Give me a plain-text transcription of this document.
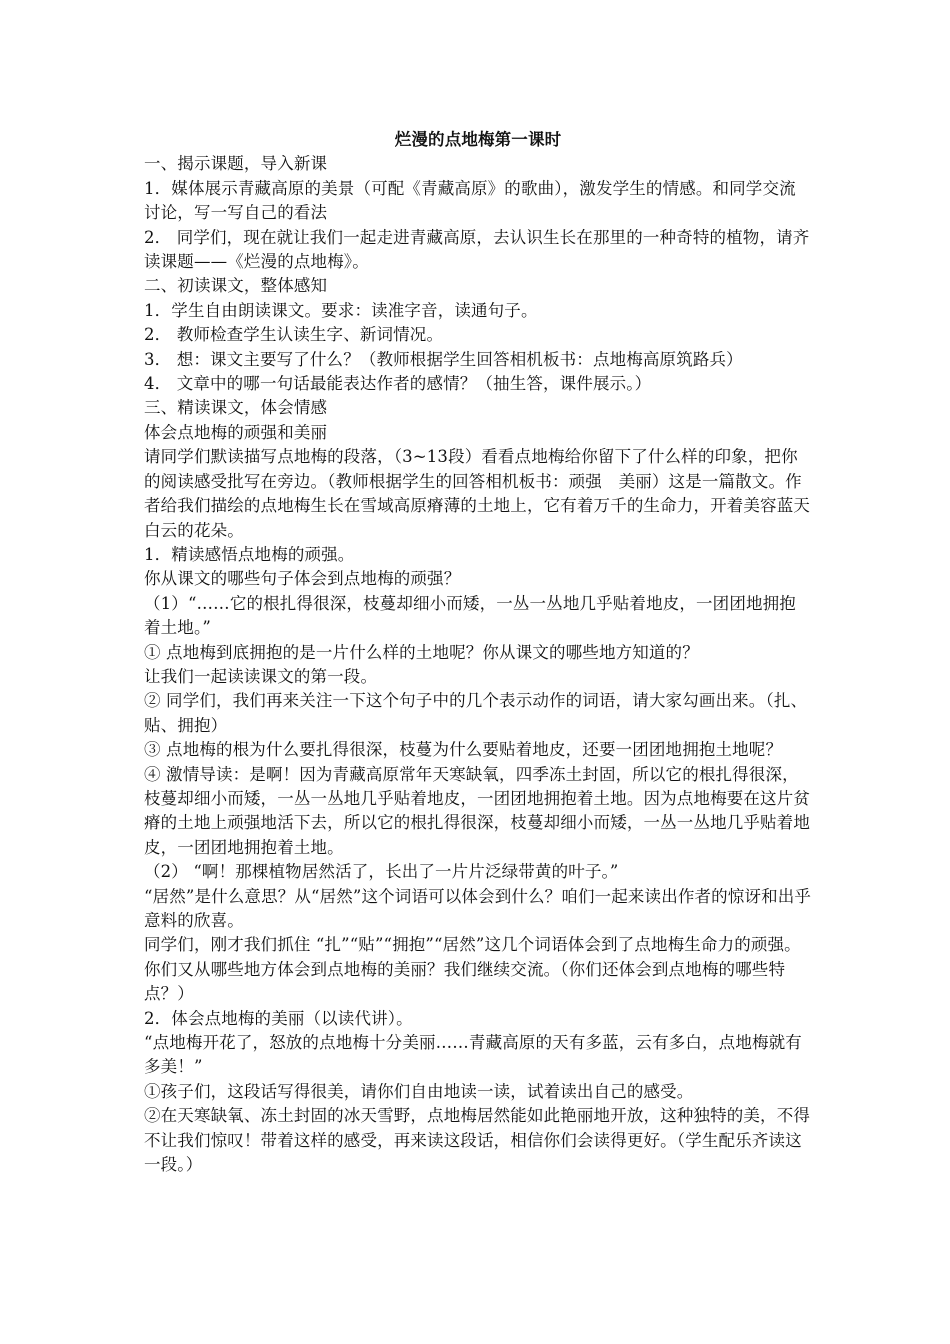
烂漫的点地梅第一课时

一、揭示课题，导入新课

1．媒体展示青藏高原的美景（可配《青藏高原》的歌曲），激发学生的情感。和同学交流讨论，写一写自己的看法

2． 同学们，现在就让我们一起走进青藏高原，去认识生长在那里的一种奇特的植物，请齐读课题——《烂漫的点地梅》。

二、初读课文，整体感知

1．学生自由朗读课文。要求：读准字音，读通句子。

2． 教师检查学生认读生字、新词情况。

3． 想：课文主要写了什么？（教师根据学生回答相机板书：点地梅高原筑路兵）

4． 文章中的哪一句话最能表达作者的感情？（抽生答，课件展示。）

三、精读课文，体会情感

体会点地梅的顽强和美丽

请同学们默读描写点地梅的段落，（3~13段）看看点地梅给你留下了什么样的印象，把你的阅读感受批写在旁边。（教师根据学生的回答相机板书：顽强　美丽）这是一篇散文。作者给我们描绘的点地梅生长在雪域高原瘠薄的土地上，它有着万千的生命力，开着美容蓝天白云的花朵。

1．精读感悟点地梅的顽强。

你从课文的哪些句子体会到点地梅的顽强？

（1）“……它的根扎得很深，枝蔓却细小而矮，一丛一丛地几乎贴着地皮，一团团地拥抱着土地。”

① 点地梅到底拥抱的是一片什么样的土地呢？你从课文的哪些地方知道的？

让我们一起读读课文的第一段。

② 同学们，我们再来关注一下这个句子中的几个表示动作的词语，请大家勾画出来。（扎、贴、拥抱）

③ 点地梅的根为什么要扎得很深，枝蔓为什么要贴着地皮，还要一团团地拥抱土地呢？

④ 激情导读：是啊！因为青藏高原常年天寒缺氧，四季冻土封固，所以它的根扎得很深，枝蔓却细小而矮，一丛一丛地几乎贴着地皮，一团团地拥抱着土地。因为点地梅要在这片贫瘠的土地上顽强地活下去，所以它的根扎得很深，枝蔓却细小而矮，一丛一丛地几乎贴着地皮，一团团地拥抱着土地。

（2） “啊！那棵植物居然活了，长出了一片片泛绿带黄的叶子。”

“居然”是什么意思？从“居然”这个词语可以体会到什么？咱们一起来读出作者的惊讶和出乎意料的欣喜。

同学们，刚才我们抓住 “扎”“贴”“拥抱”“居然”这几个词语体会到了点地梅生命力的顽强。你们又从哪些地方体会到点地梅的美丽？我们继续交流。（你们还体会到点地梅的哪些特点？）

2．体会点地梅的美丽（以读代讲）。

“点地梅开花了，怒放的点地梅十分美丽……青藏高原的天有多蓝，云有多白，点地梅就有多美！”

①孩子们，这段话写得很美，请你们自由地读一读，试着读出自己的感受。

②在天寒缺氧、冻土封固的冰天雪野，点地梅居然能如此艳丽地开放，这种独特的美，不得不让我们惊叹！带着这样的感受，再来读这段话，相信你们会读得更好。（学生配乐齐读这一段。）
